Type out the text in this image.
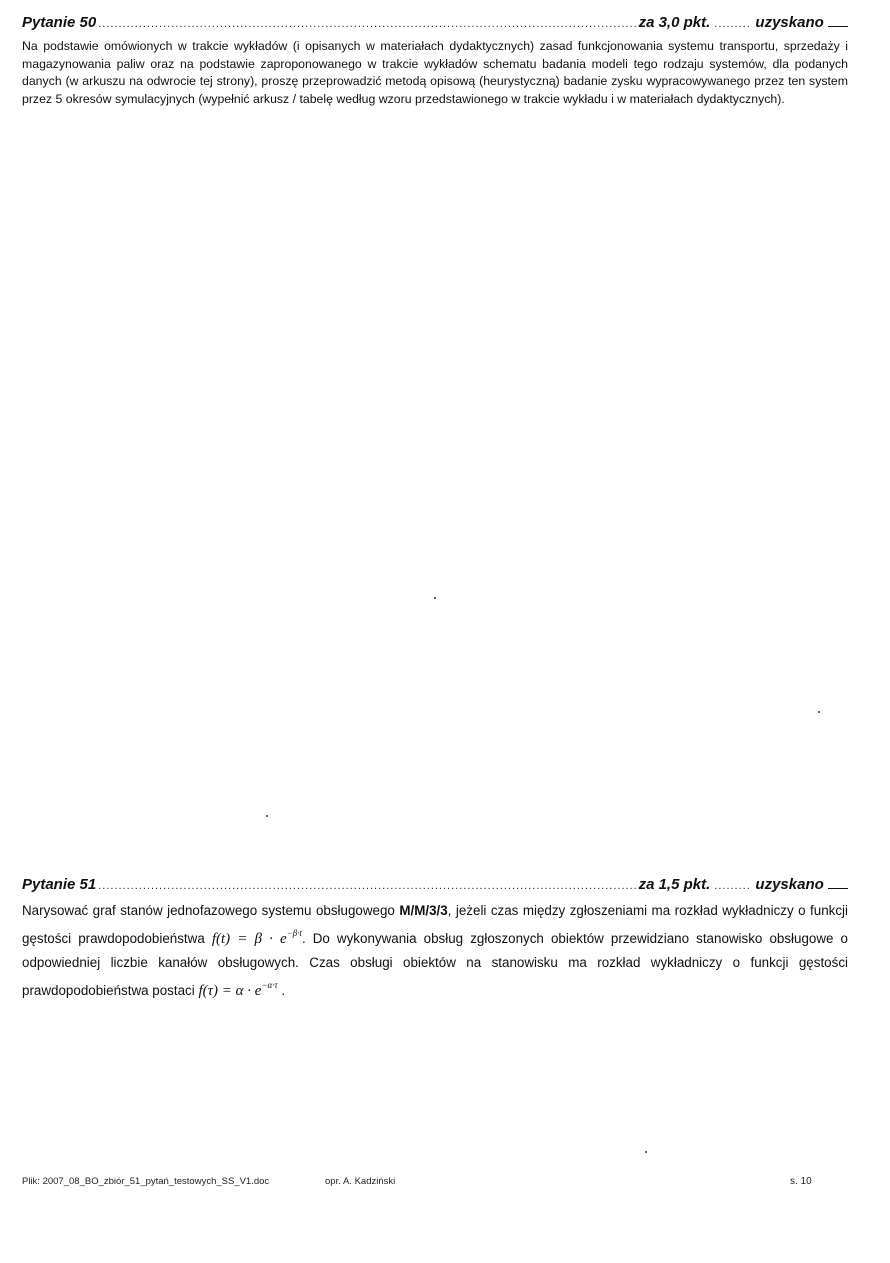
Pytanie 50 .....	za 3,0 pkt. .....	uzyskano
Na podstawie omówionych w trakcie wykładów (i opisanych w materiałach dydaktycznych) zasad funkcjonowania systemu transportu, sprzedaży i magazynowania paliw oraz na podstawie zaproponowanego w trakcie wykładów schematu badania modeli tego rodzaju systemów, dla podanych danych (w arkuszu na odwrocie tej strony), proszę przeprowadzić metodą opisową (heurystyczną) badanie zysku wypracowywanego przez ten system przez 5 okresów symulacyjnych (wypełnić arkusz / tabelę według wzoru przedstawionego w trakcie wykładu i w materiałach dydaktycznych).
Pytanie 51 .....	za 1,5 pkt. .....	uzyskano
Narysować graf stanów jednofazowego systemu obsługowego M/M/3/3, jeżeli czas między zgłoszeniami ma rozkład wykładniczy o funkcji gęstości prawdopodobieństwa $f(t) = \beta \cdot e^{-\beta\cdot t}$. Do wykonywania obsług zgłoszonych obiektów przewidziano stanowisko obsługowe o odpowiedniej liczbie kanałów obsługowych. Czas obsługi obiektów na stanowisku ma rozkład wykładniczy o funkcji gęstości prawdopodobieństwa postaci $f(\tau) = \alpha \cdot e^{-\alpha\cdot\tau}$ .
Plik: 2007_08_BO_zbiór_51_pytań_testowych_SS_V1.doc	opr. A. Kadziński	s. 10
